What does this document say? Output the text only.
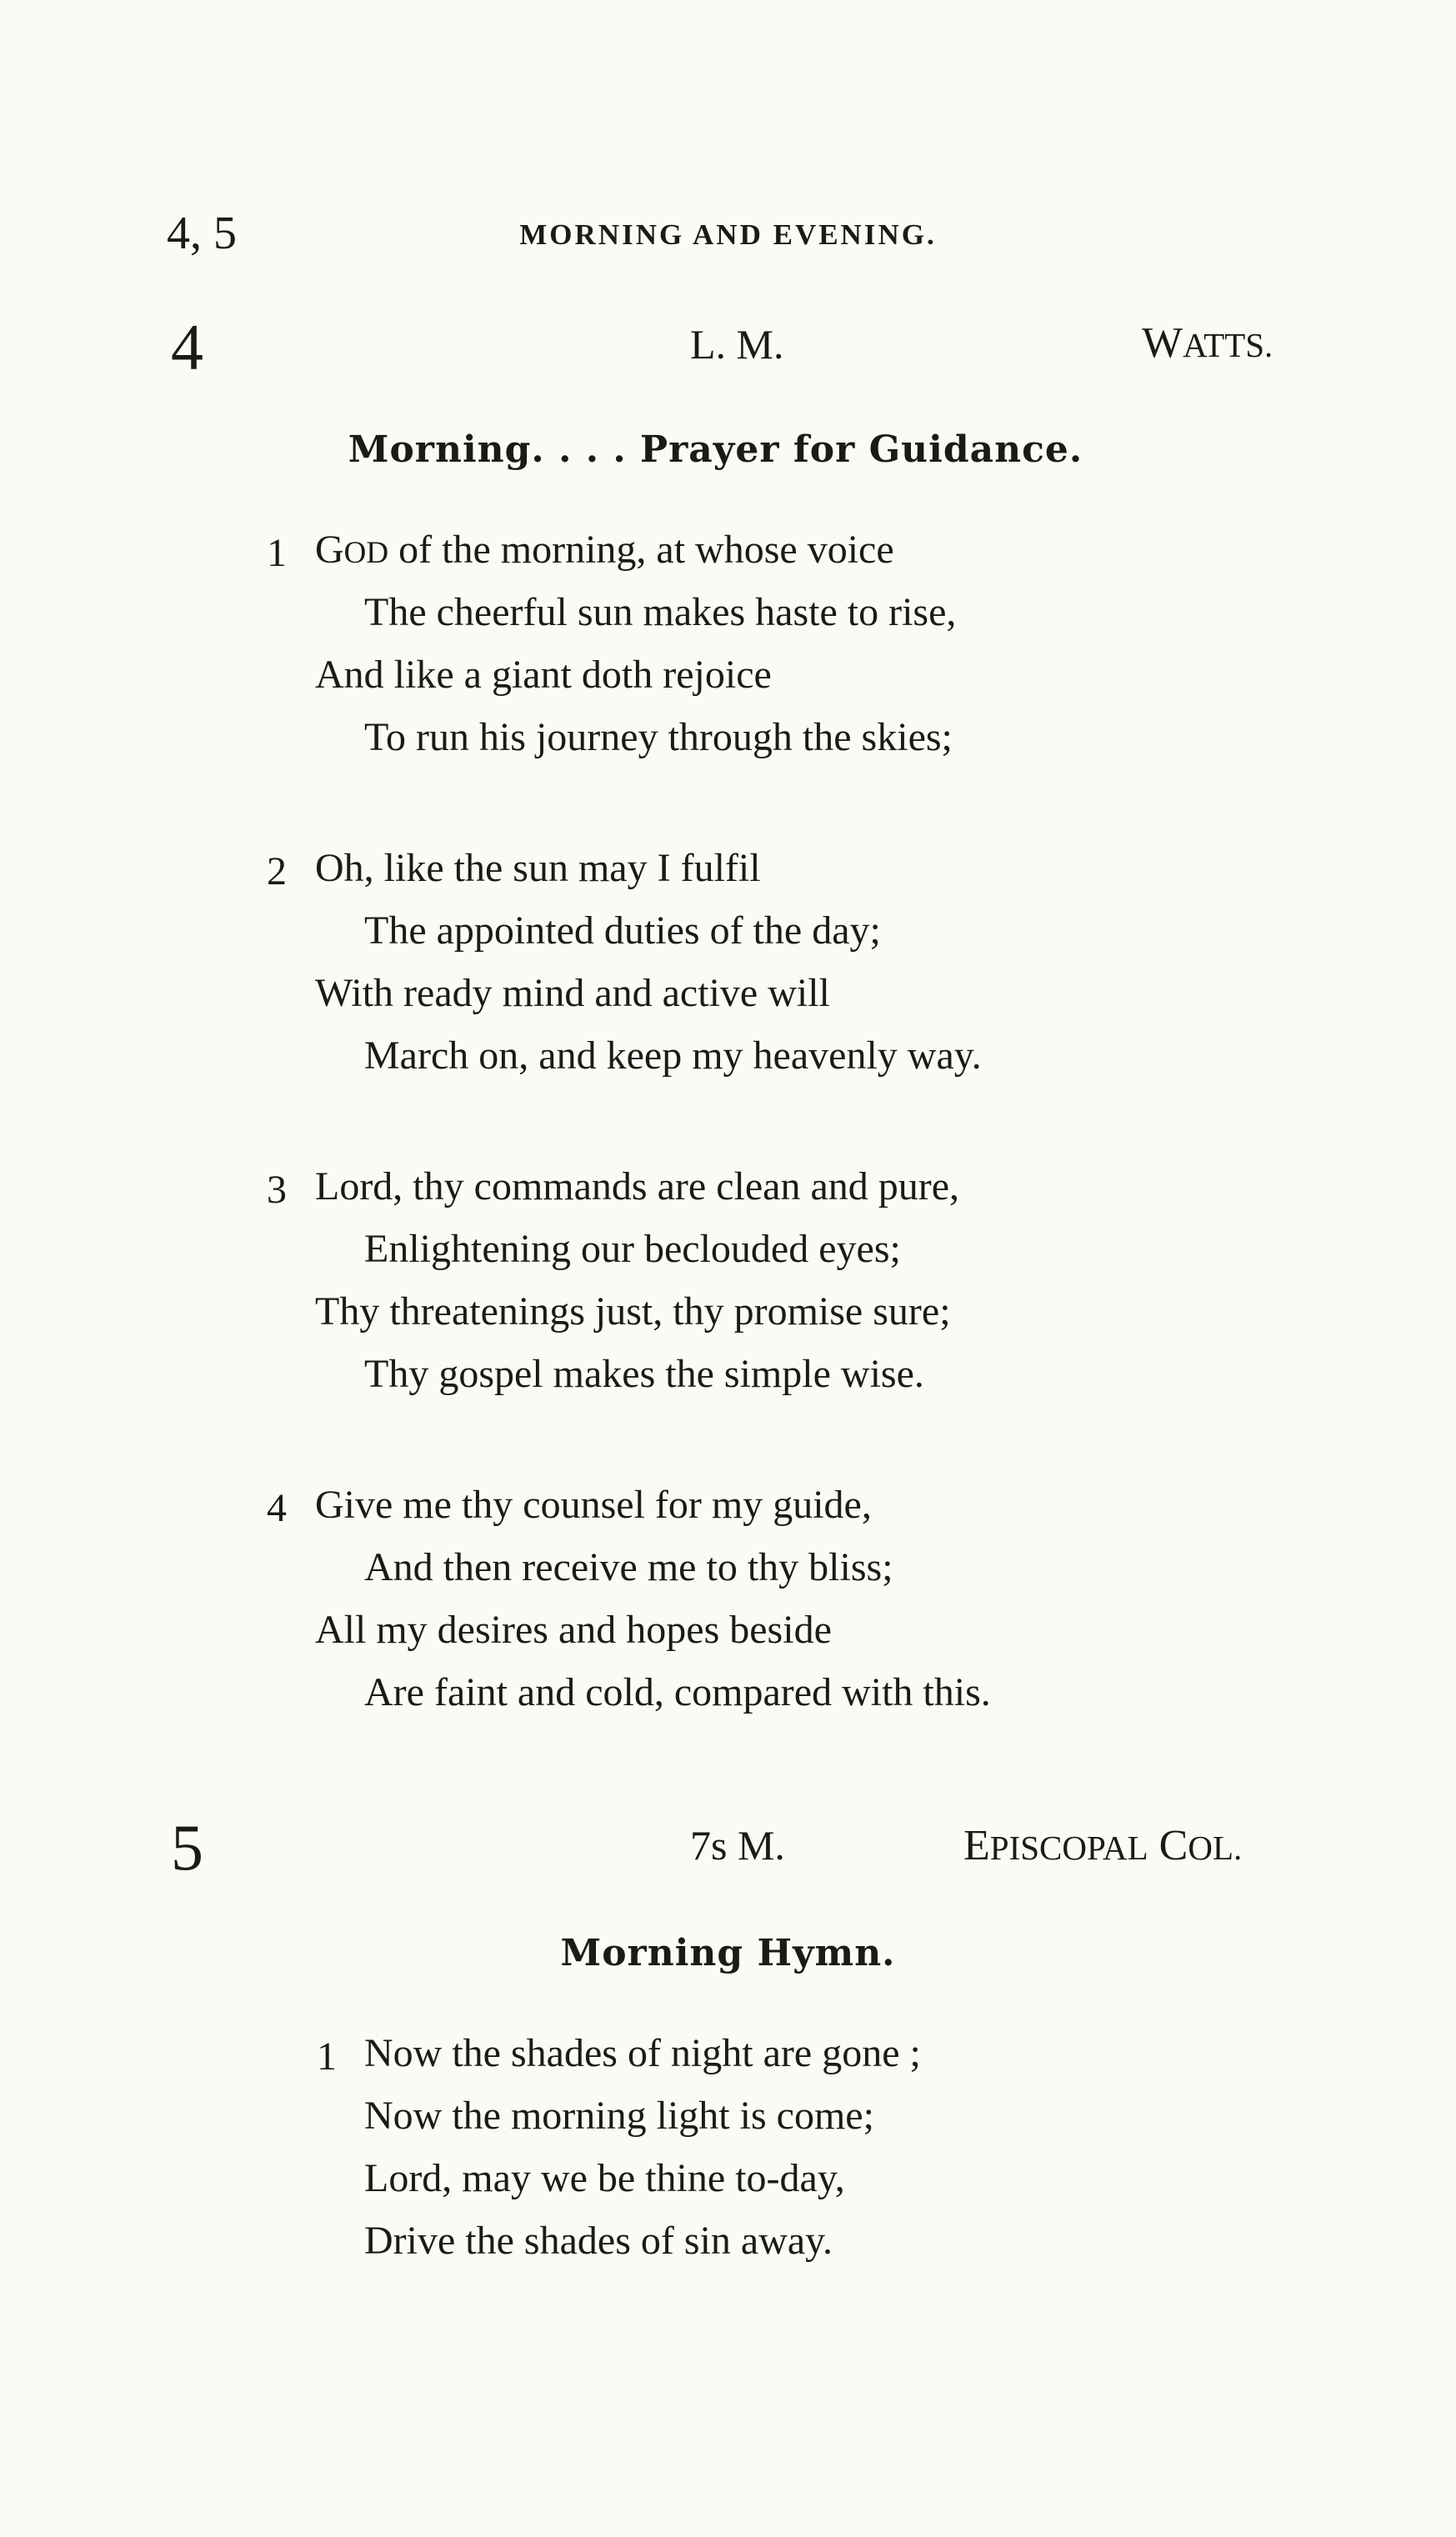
4, 5	MORNING AND EVENING.
4	L. M.	WATTS.
Morning. . . . Prayer for Guidance.
1 GOD of the morning, at whose voice
The cheerful sun makes haste to rise,
And like a giant doth rejoice
To run his journey through the skies;
2 Oh, like the sun may I fulfil
The appointed duties of the day;
With ready mind and active will
March on, and keep my heavenly way.
3 Lord, thy commands are clean and pure,
Enlightening our beclouded eyes;
Thy threatenings just, thy promise sure;
Thy gospel makes the simple wise.
4 Give me thy counsel for my guide,
And then receive me to thy bliss;
All my desires and hopes beside
Are faint and cold, compared with this.
5	7s M.	EPISCOPAL COL.
Morning Hymn.
1 Now the shades of night are gone ;
Now the morning light is come;
Lord, may we be thine to-day,
Drive the shades of sin away.
